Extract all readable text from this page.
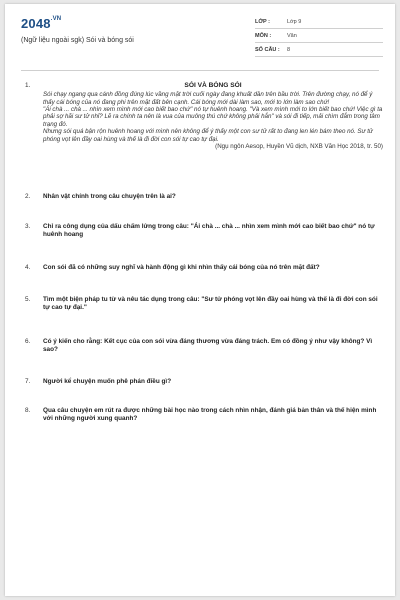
$2048^{.VN}$
(Ngữ liệu ngoài sgk) Sói và bóng sói
LỚP :	Lớp 9
MÔN :	Văn
SỐ CÂU :	8
1.	SÓI VÀ BÓNG SÓI

Sói chạy ngang qua cánh đồng đúng lúc vầng mặt trời cuối ngày đang khuất dần trên bầu trời. Trên đường chạy, nó để ý thấy cái bóng của nó đang phi trên mặt đất bên cạnh. Cái bóng mới dài làm sao, mới to lớn làm sao chứ!

"Ái chà ... chà ... nhìn xem mình mới cao biết bao chứ" nó tự huênh hoang. "Và xem mình mới to lớn biết bao chứ! Việc gì ta phải sợ hãi sư tử nhỉ? Lẽ ra chính ta nên là vua của muông thú chứ không phải hắn" và sói đi tiếp, mải chìm đắm trong tâm trạng đó.

Nhưng sói quá bận rộn huênh hoang với mình nên không để ý thấy một con sư tử rất to đang len lén bám theo nó. Sư tử phóng vọt lên đầy oai hùng và thế là đi đời con sói tự cao tự đại.

(Ngụ ngôn Aesop, Huyền Vũ dịch, NXB Văn Học 2018, tr. 50)
2. Nhân vật chính trong câu chuyện trên là ai?
3. Chỉ ra công dụng của dấu chấm lửng trong câu: "Ái chà ... chà ... nhìn xem mình mới cao biết bao chứ" nó tự huênh hoang
4. Con sói đã có những suy nghĩ và hành động gì khi nhìn thấy cái bóng của nó trên mặt đất?
5. Tìm một biện pháp tu từ và nêu tác dụng trong câu: "Sư tử phóng vọt lên đầy oai hùng và thế là đi đời con sói tự cao tự đại."
6. Có ý kiến cho rằng: Kết cục của con sói vừa đáng thương vừa đáng trách. Em có đồng ý như vậy không? Vì sao?
7. Người kể chuyện muốn phê phán điều gì?
8. Qua câu chuyện em rút ra được những bài học nào trong cách nhìn nhận, đánh giá bản thân và thế hiện mình với những người xung quanh?
